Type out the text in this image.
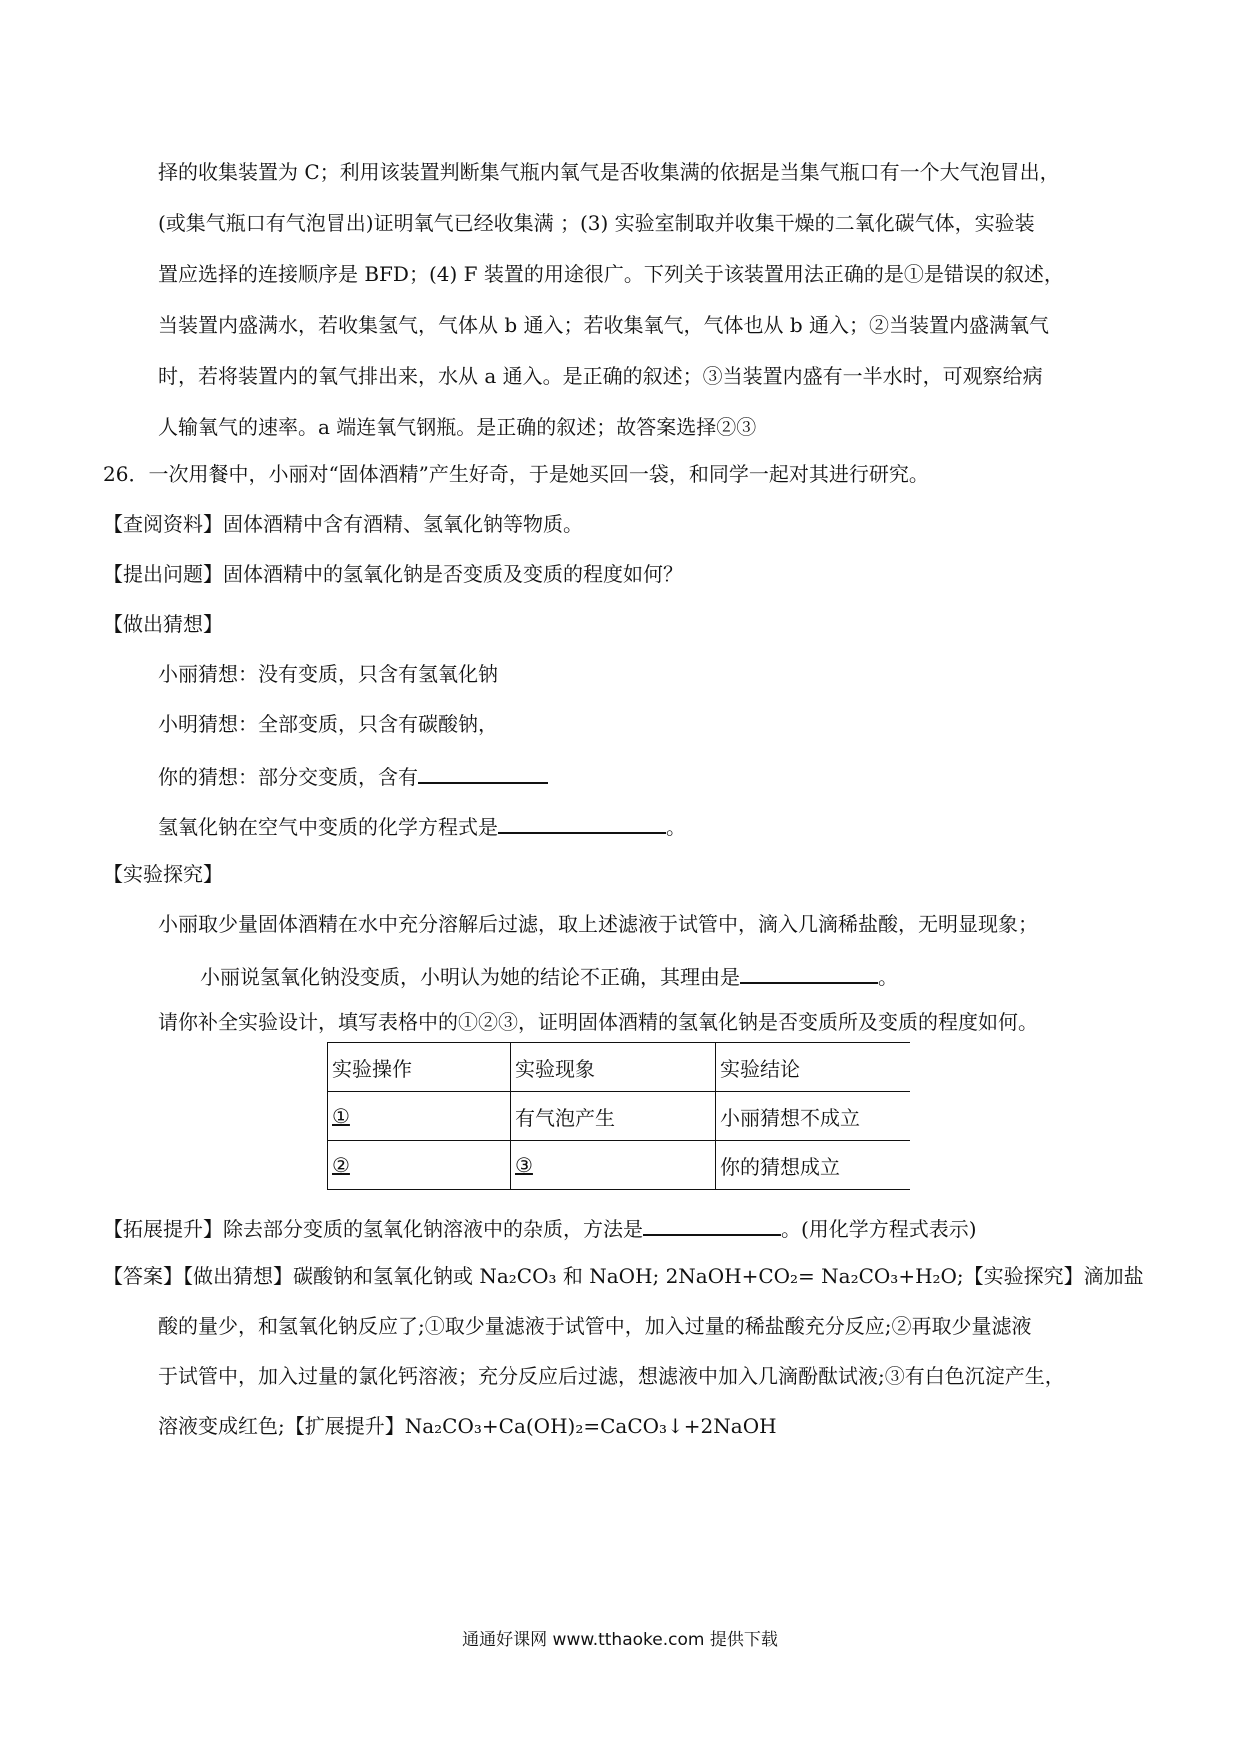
择的收集装置为 C；利用该装置判断集气瓶内氧气是否收集满的依据是当集气瓶口有一个大气泡冒出，
(或集气瓶口有气泡冒出)证明氧气已经收集满 ；(3) 实验室制取并收集干燥的二氧化碳气体，实验装
置应选择的连接顺序是 BFD；(4) F 装置的用途很广。下列关于该装置用法正确的是①是错误的叙述，
当装置内盛满水，若收集氢气，气体从 b 通入；若收集氧气，气体也从 b 通入；②当装置内盛满氧气
时，若将装置内的氧气排出来，水从 a 通入。是正确的叙述；③当装置内盛有一半水时，可观察给病
人输氧气的速率。a 端连氧气钢瓶。是正确的叙述；故答案选择②③
26．一次用餐中，小丽对“固体酒精”产生好奇，于是她买回一袋，和同学一起对其进行研究。
【查阅资料】固体酒精中含有酒精、氢氧化钠等物质。
【提出问题】固体酒精中的氢氧化钠是否变质及变质的程度如何？
【做出猜想】
小丽猜想：没有变质，只含有氢氧化钠
小明猜想：全部变质，只含有碳酸钠，
你的猜想：部分交变质，含有
氢氧化钠在空气中变质的化学方程式是	。
【实验探究】
小丽取少量固体酒精在水中充分溶解后过滤，取上述滤液于试管中，滴入几滴稀盐酸，无明显现象；
小丽说氢氧化钠没变质，小明认为她的结论不正确，其理由是	。
请你补全实验设计，填写表格中的①②③，证明固体酒精的氢氧化钠是否变质所及变质的程度如何。
实验操作	实验现象	实验结论
①	有气泡产生	小丽猜想不成立
②	③	你的猜想成立
【拓展提升】除去部分变质的氢氧化钠溶液中的杂质，方法是	。(用化学方程式表示)
【答案】【做出猜想】碳酸钠和氢氧化钠或 Na₂CO₃ 和 NaOH; 2NaOH+CO₂= Na₂CO₃+H₂O;【实验探究】滴加盐
酸的量少，和氢氧化钠反应了;①取少量滤液于试管中，加入过量的稀盐酸充分反应;②再取少量滤液
于试管中，加入过量的氯化钙溶液；充分反应后过滤，想滤液中加入几滴酚酞试液;③有白色沉淀产生，
溶液变成红色;【扩展提升】Na₂CO₃+Ca(OH)₂=CaCO₃↓+2NaOH
通通好课网 www.tthaoke.com 提供下载
